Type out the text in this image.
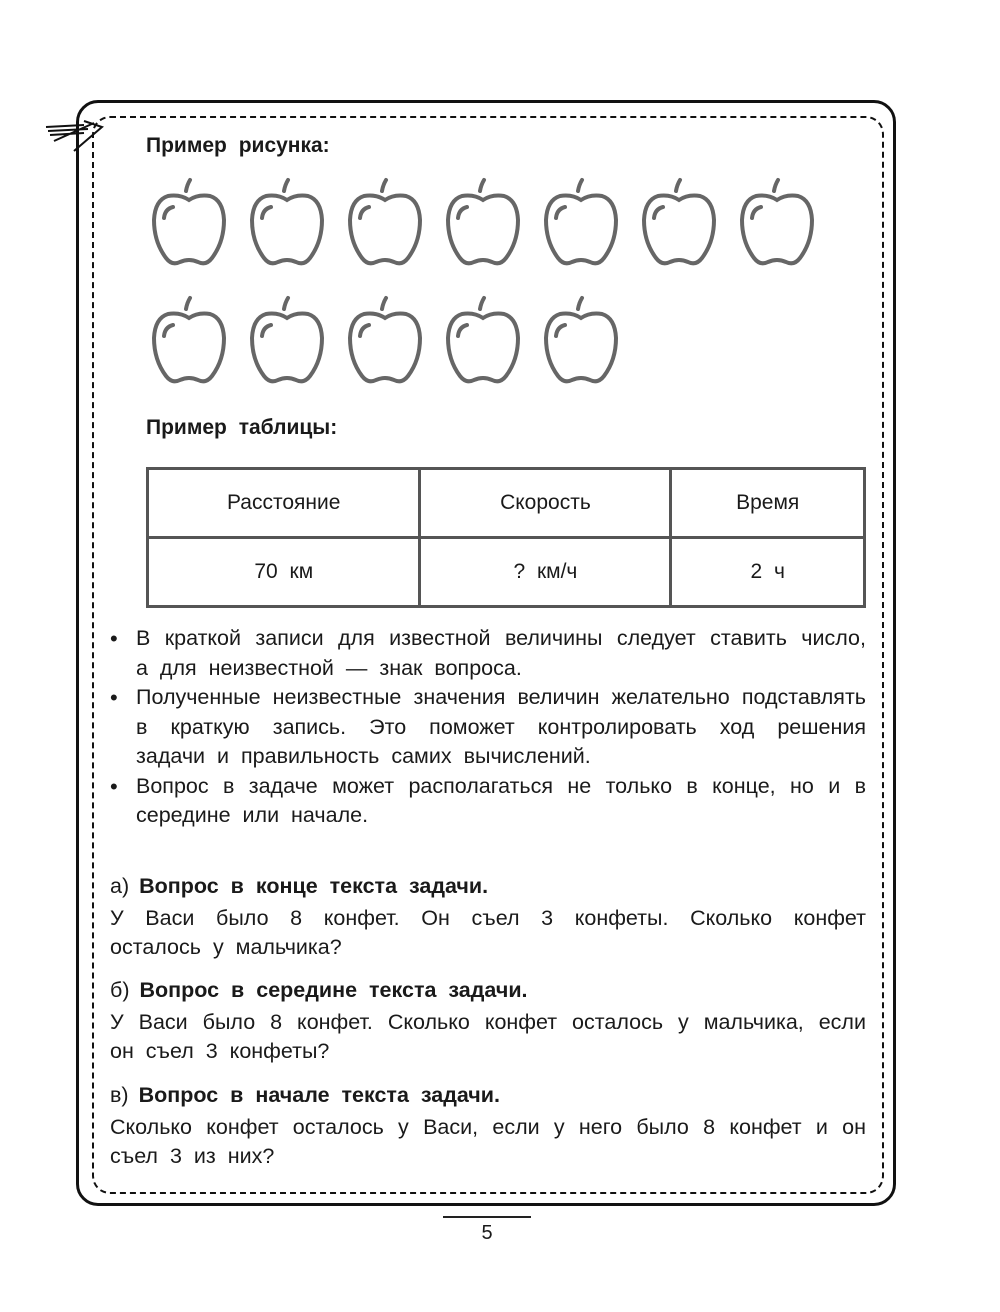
Пример рисунка:
Пример таблицы:
Расстояние	Скорость	Время
70 км	? км/ч	2 ч
• В краткой записи для известной величины следует ставить число, а для неизвестной — знак вопроса.
• Полученные неизвестные значения величин желательно подставлять в краткую запись. Это поможет контролировать ход решения задачи и правильность самих вычислений.
• Вопрос в задаче может располагаться не только в конце, но и в середине или начале.

а) Вопрос в конце текста задачи.

У Васи было 8 конфет. Он съел 3 конфеты. Сколько конфет осталось у мальчика?

б) Вопрос в середине текста задачи.

У Васи было 8 конфет. Сколько конфет осталось у мальчика, если он съел 3 конфеты?

в) Вопрос в начале текста задачи.

Сколько конфет осталось у Васи, если у него было 8 конфет и он съел 3 из них?

5
